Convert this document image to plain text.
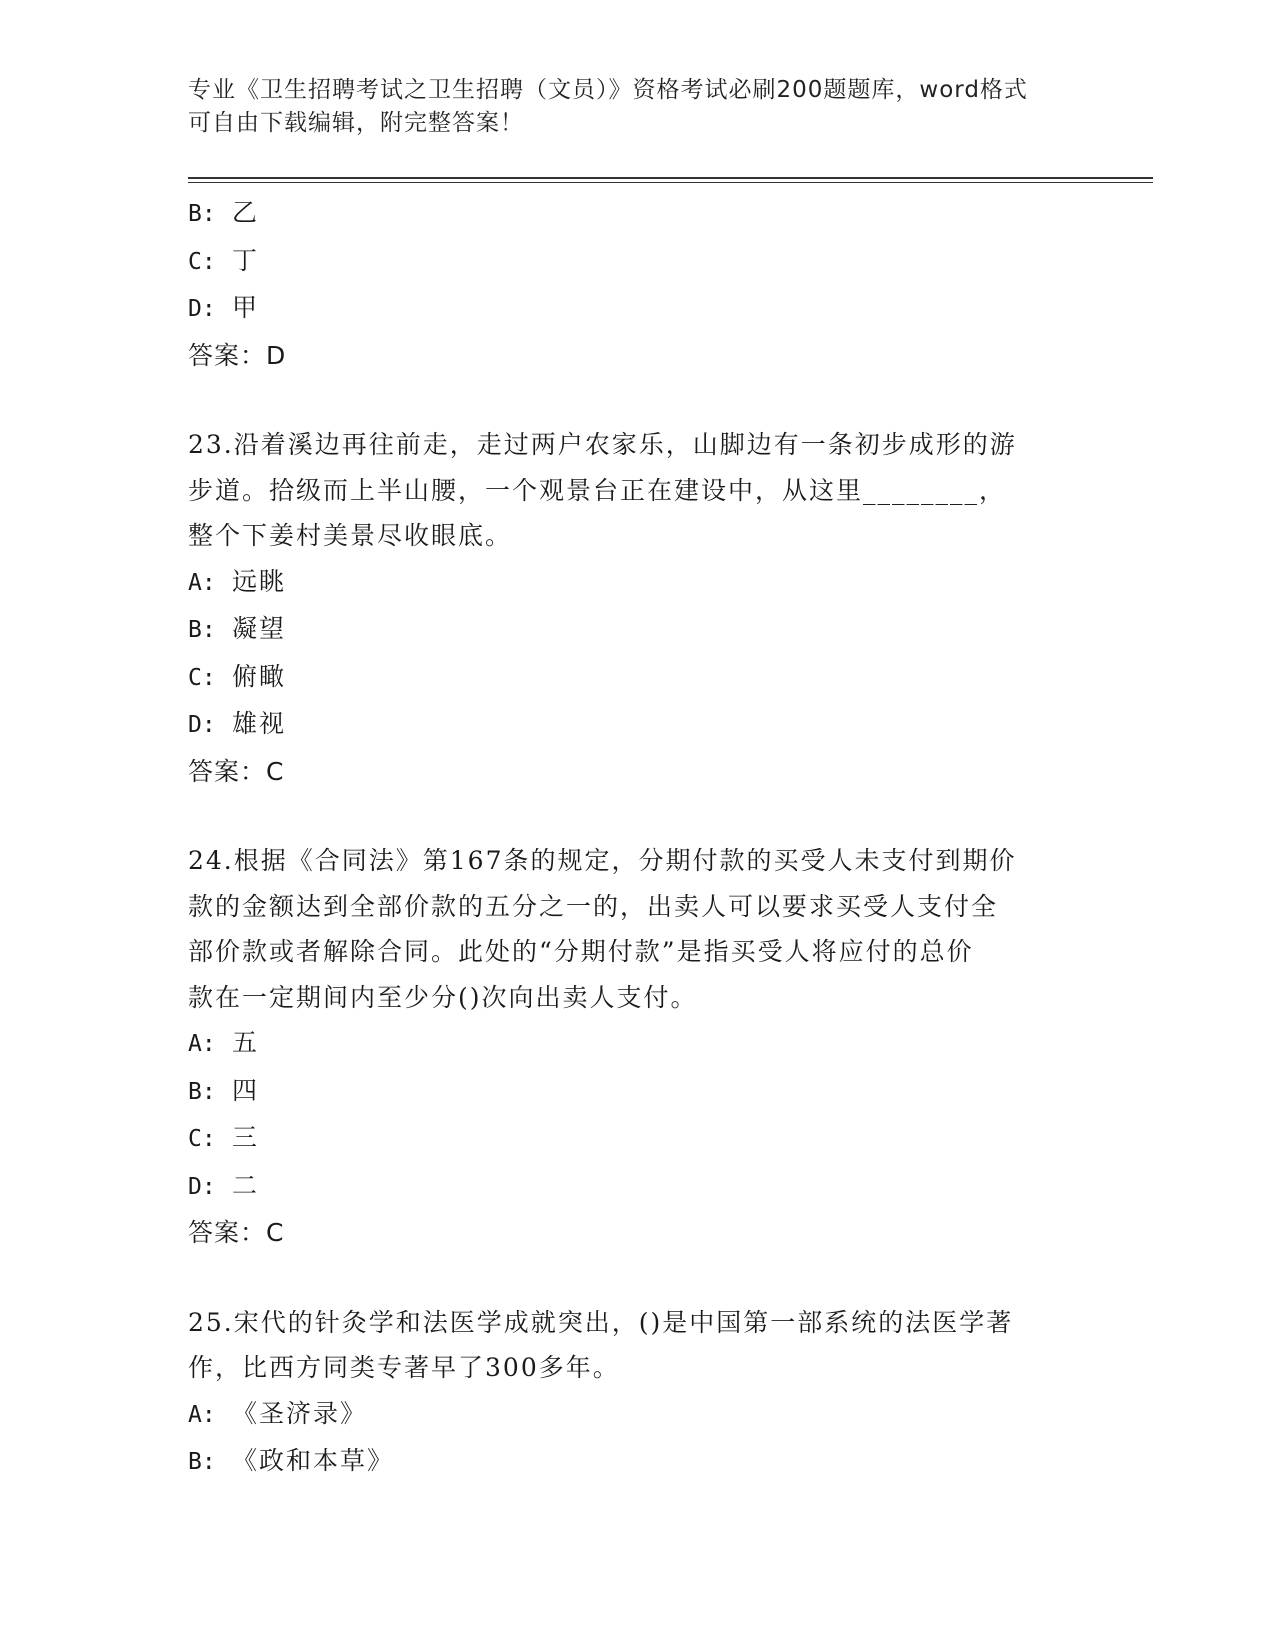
专业《卫生招聘考试之卫生招聘（文员）》资格考试必刷200题题库，word格式
可自由下载编辑，附完整答案！
B: 乙
C: 丁
D: 甲
答案：D
23.沿着溪边再往前走，走过两户农家乐，山脚边有一条初步成形的游
步道。拾级而上半山腰，一个观景台正在建设中，从这里________，
整个下姜村美景尽收眼底。
A: 远眺
B: 凝望
C: 俯瞰
D: 雄视
答案：C
24.根据《合同法》第167条的规定，分期付款的买受人未支付到期价
款的金额达到全部价款的五分之一的，出卖人可以要求买受人支付全
部价款或者解除合同。此处的“分期付款”是指买受人将应付的总价
款在一定期间内至少分()次向出卖人支付。
A: 五
B: 四
C: 三
D: 二
答案：C
25.宋代的针灸学和法医学成就突出，()是中国第一部系统的法医学著
作，比西方同类专著早了300多年。
A: 《圣济录》
B: 《政和本草》
